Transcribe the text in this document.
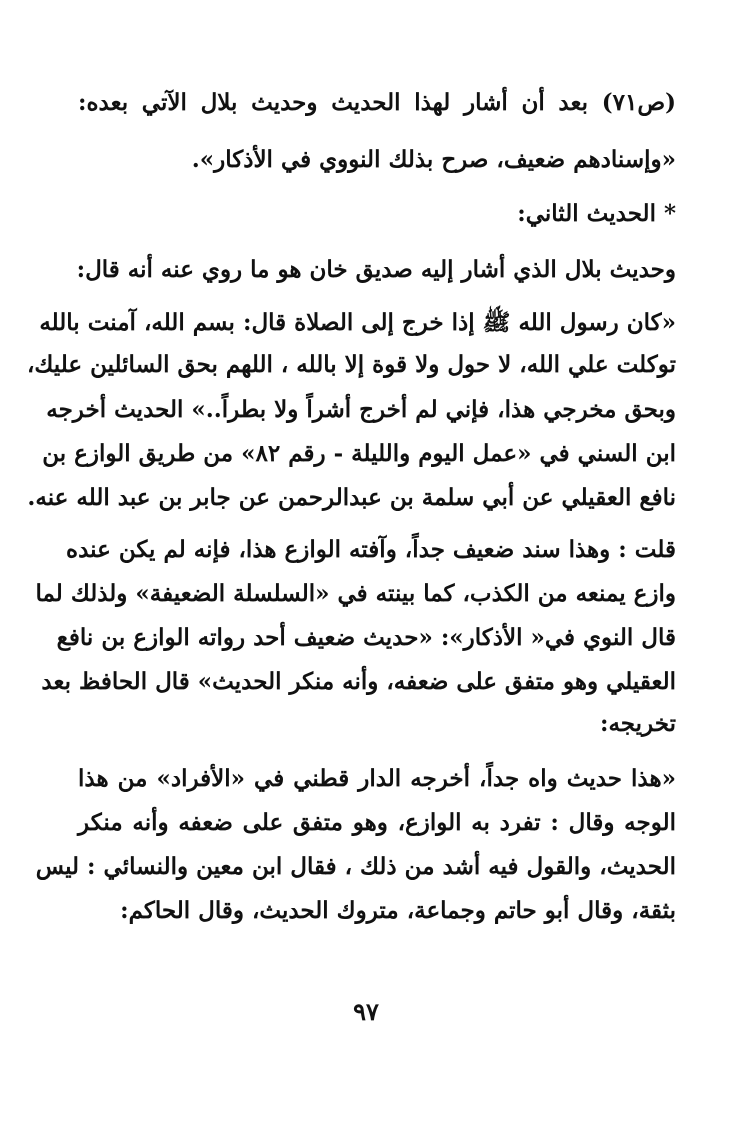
(ص٧١) بعد أن أشار لهذا الحديث وحديث بلال الآتي بعده:
«وإسنادهم ضعيف، صرح بذلك النووي في الأذكار».
* الحديث الثاني:
وحديث بلال الذي أشار إليه صديق خان هو ما روي عنه أنه قال:
«كان رسول الله ﷺ إذا خرج إلى الصلاة قال: بسم الله، آمنت بالله
توكلت علي الله، لا حول ولا قوة إلا بالله ، اللهم بحق السائلين عليك،
وبحق مخرجي هذا، فإني لم أخرج أشراً ولا بطراً..» الحديث أخرجه
ابن السني في «عمل اليوم والليلة - رقم ٨٢» من طريق الوازع بن
نافع العقيلي عن أبي سلمة بن عبدالرحمن عن جابر بن عبد الله عنه.
قلت : وهذا سند ضعيف جداً، وآفته الوازع هذا، فإنه لم يكن عنده
وازع يمنعه من الكذب، كما بينته في «السلسلة الضعيفة» ولذلك لما
قال النوي في« الأذكار»: «حديث ضعيف أحد رواته الوازع بن نافع
العقيلي وهو متفق على ضعفه، وأنه منكر الحديث» قال الحافظ بعد
تخريجه:
«هذا حديث واه جداً، أخرجه الدار قطني في «الأفراد» من هذا
الوجه وقال : تفرد به الوازع، وهو متفق على ضعفه وأنه منكر
الحديث، والقول فيه أشد من ذلك ، فقال ابن معين والنسائي : ليس
بثقة، وقال أبو حاتم وجماعة، متروك الحديث، وقال الحاكم:
٩٧
